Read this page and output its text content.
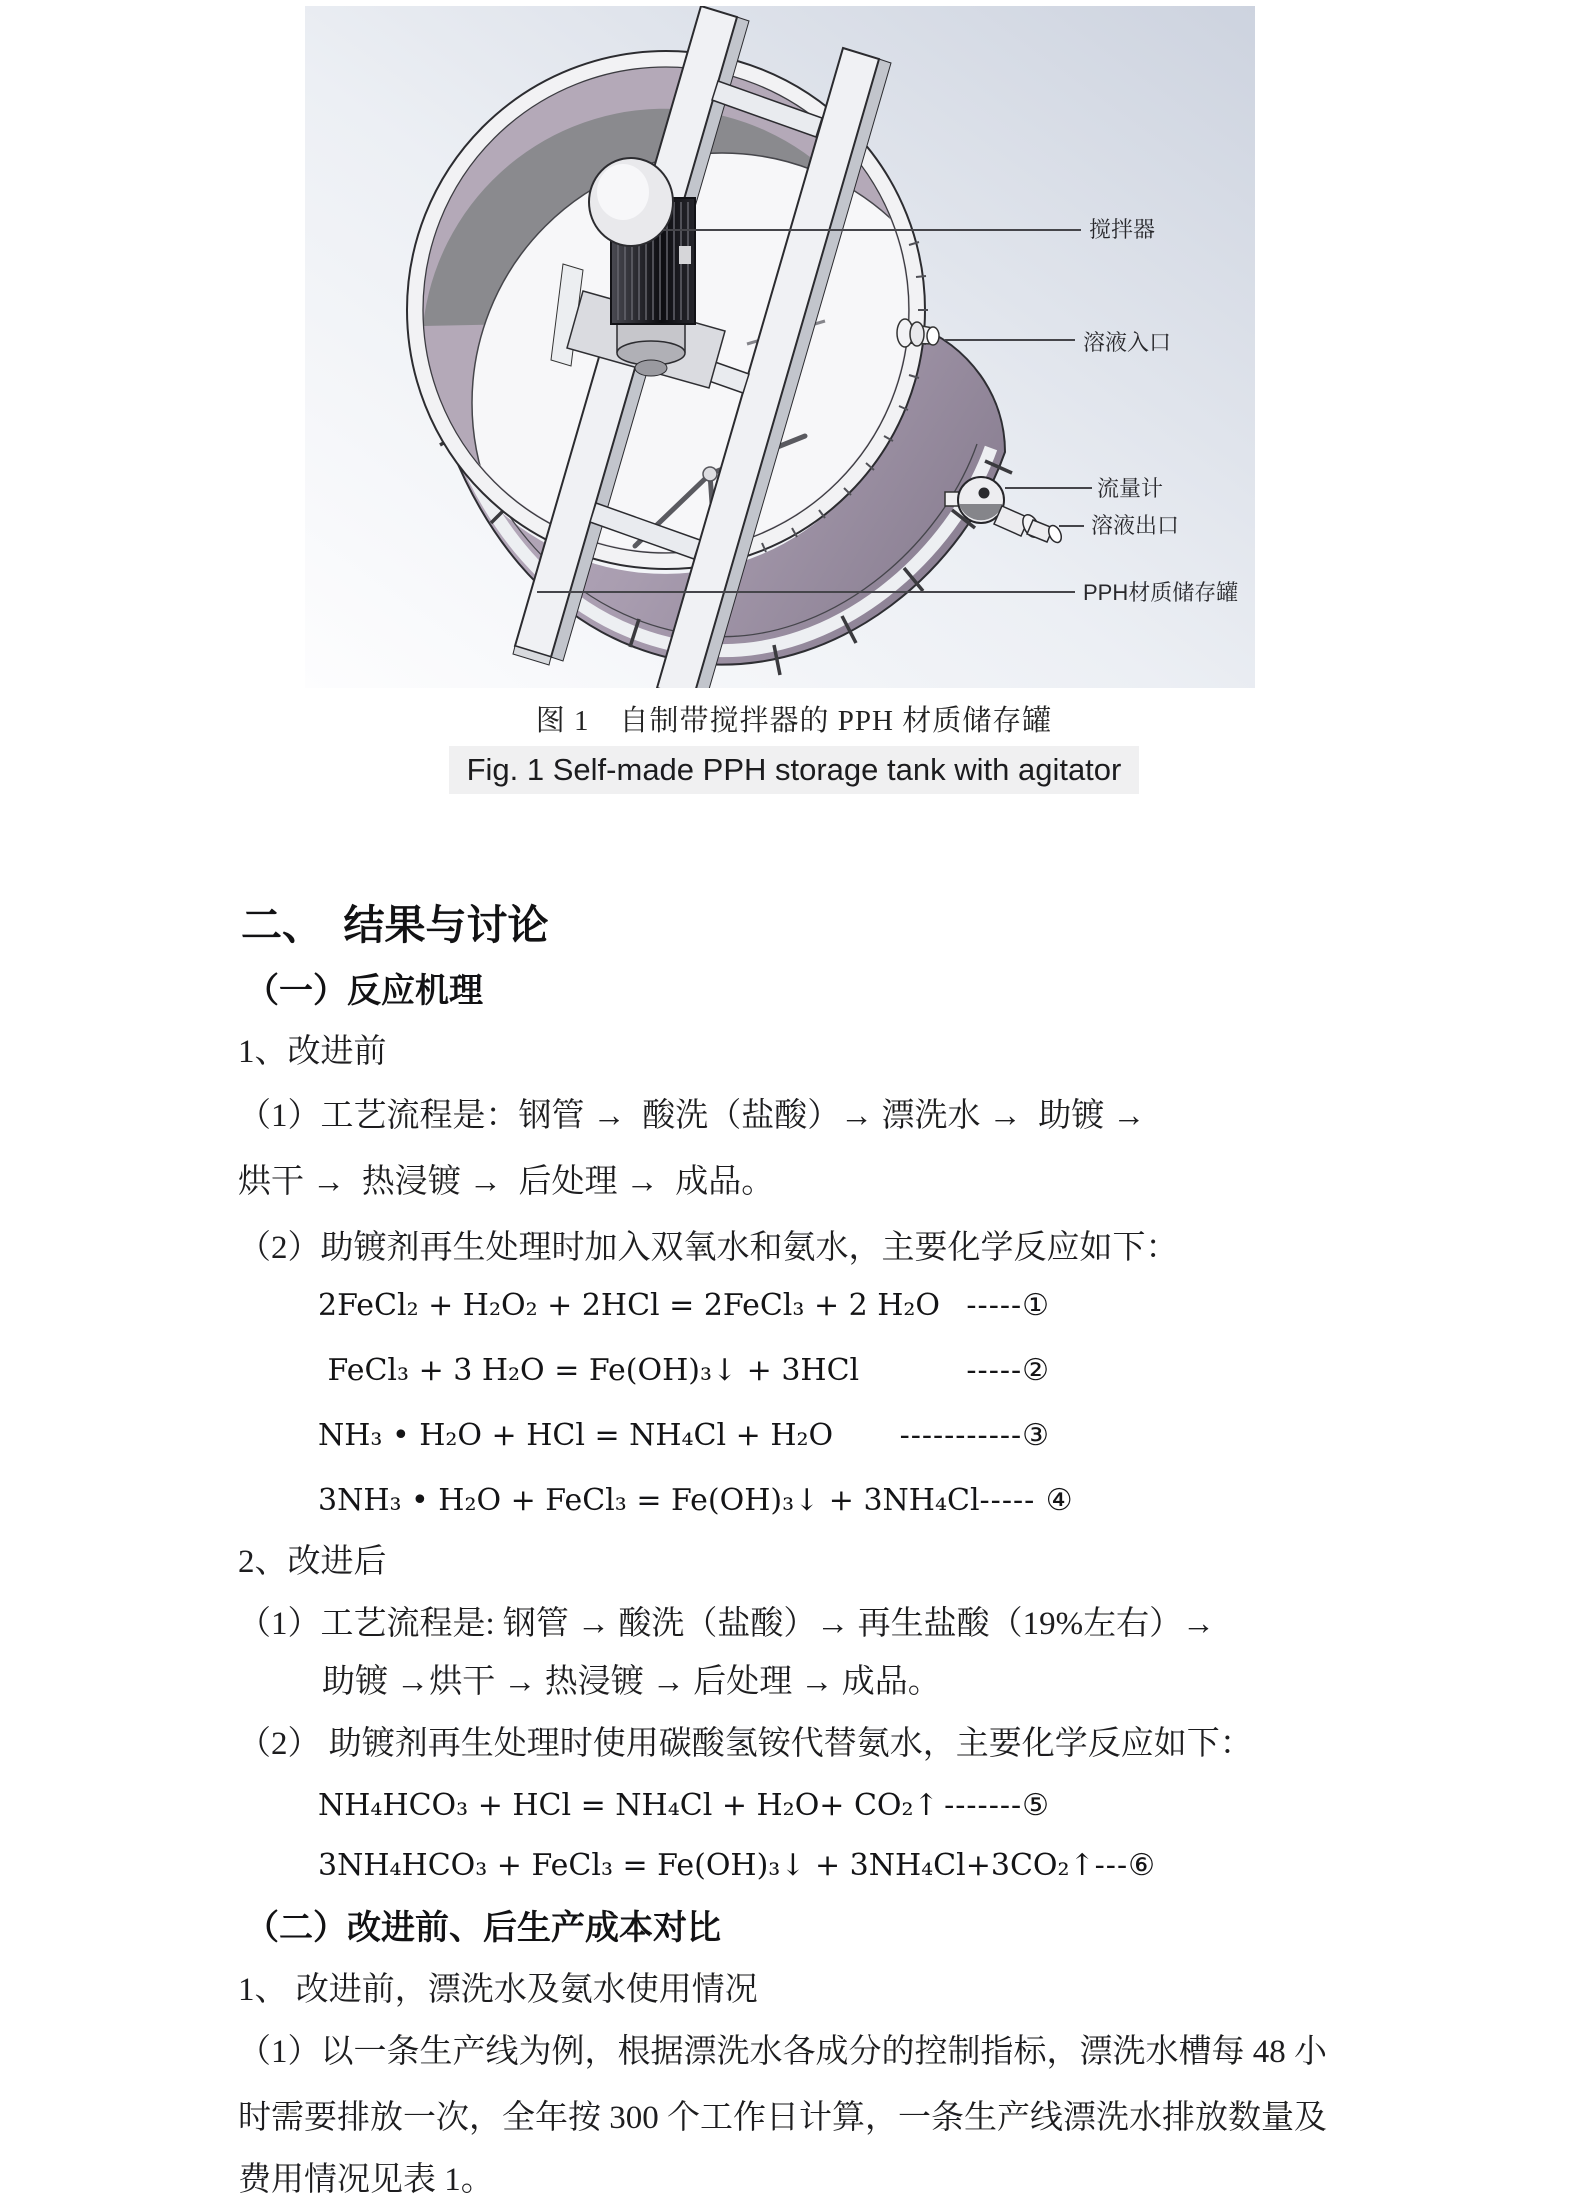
搅拌器
溶液入口
流量计
溶液出口
PPH材质储存罐
图 1　自制带搅拌器的 PPH 材质储存罐
Fig. 1 Self-made PPH storage tank with agitator
二、　结果与讨论
（一）反应机理
1、改进前
（1）工艺流程是：钢管 →  酸洗（盐酸）→ 漂洗水 →  助镀 →
烘干 →  热浸镀 →  后处理 →  成品。
（2）助镀剂再生处理时加入双氧水和氨水，主要化学反应如下：
2FeCl₂ + H₂O₂ + 2HCl = 2FeCl₃ + 2 H₂O -----①
FeCl₃ + 3 H₂O = Fe(OH)₃↓ + 3HCl	-----②
NH₃ • H₂O + HCl = NH₄Cl + H₂O -----------③
3NH₃ • H₂O + FeCl₃ = Fe(OH)₃↓ + 3NH₄Cl ----- ④
2、改进后
（1）工艺流程是: 钢管 → 酸洗（盐酸）→ 再生盐酸（19%左右）→
助镀 →烘干 → 热浸镀 → 后处理 → 成品。
（2） 助镀剂再生处理时使用碳酸氢铵代替氨水，主要化学反应如下：
NH₄HCO₃ + HCl = NH₄Cl + H₂O+ CO₂↑ -------⑤
3NH₄HCO₃ + FeCl₃ = Fe(OH)₃↓ + 3NH₄Cl+3CO₂↑ ---⑥
（二）改进前、后生产成本对比
1、 改进前，漂洗水及氨水使用情况
（1）以一条生产线为例，根据漂洗水各成分的控制指标，漂洗水槽每 48 小
时需要排放一次，全年按 300 个工作日计算，一条生产线漂洗水排放数量及
费用情况见表 1。
